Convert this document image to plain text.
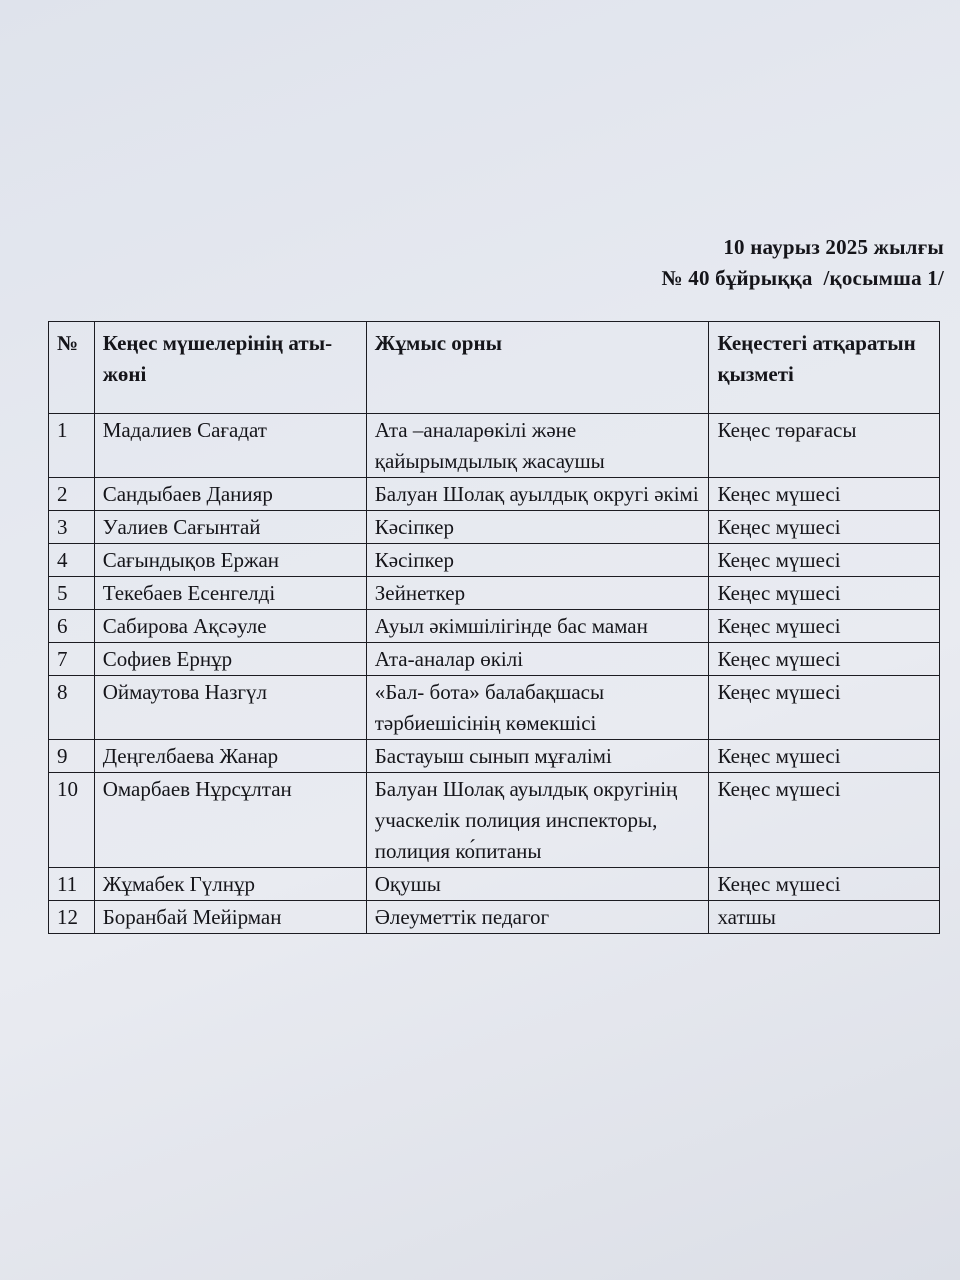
10 наурыз 2025 жылғы
№ 40 бұйрыққа  /қосымша 1/
№	Кеңес мүшелерінің аты- жөні	Жұмыс орны	Кеңестегі атқаратын қызметі
1	Мадалиев Сағадат	Ата –аналарөкілі және қайырымдылық жасаушы	Кеңес төрағасы
2	Сандыбаев Данияр	Балуан Шолақ ауылдық округі әкімі	Кеңес мүшесі
3	Уалиев Сағынтай	Кәсіпкер	Кеңес мүшесі
4	Сағындықов Ержан	Кәсіпкер	Кеңес мүшесі
5	Текебаев Есенгелді	Зейнеткер	Кеңес мүшесі
6	Сабирова Ақсәуле	Ауыл әкімшілігінде бас маман	Кеңес мүшесі
7	Софиев Ернұр	Ата-аналар өкілі	Кеңес мүшесі
8	Оймаутова Назгүл	«Бал- бота» балабақшасы тәрбиешісінің көмекшісі	Кеңес мүшесі
9	Деңгелбаева Жанар	Бастауыш сынып мұғалімі	Кеңес мүшесі
10	Омарбаев Нұрсұлтан	Балуан Шолақ ауылдық округінің учаскелік полиция инспекторы, полиция ко́питаны	Кеңес мүшесі
11	Жұмабек Гүлнұр	Оқушы	Кеңес мүшесі
12	Боранбай Мейірман	Әлеуметтік педагог	хатшы
